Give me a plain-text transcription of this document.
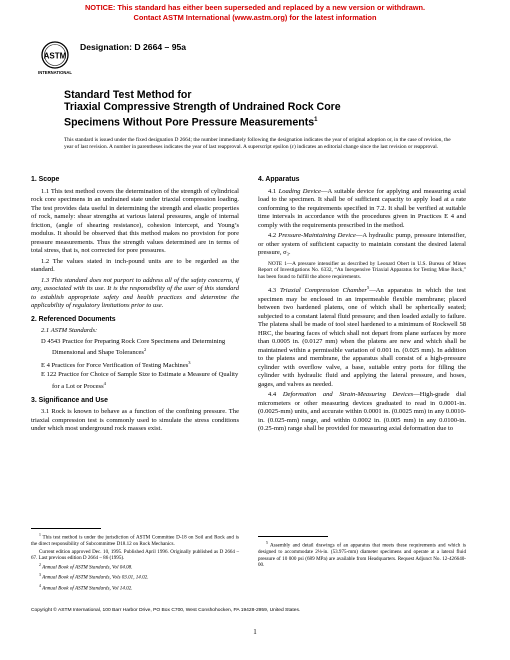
NOTICE: This standard has either been superseded and replaced by a new version or withdrawn.
Contact ASTM International (www.astm.org) for the latest information
ASTM
INTERNATIONAL
Designation: D 2664 – 95a
Standard Test Method for
Triaxial Compressive Strength of Undrained Rock Core
Specimens Without Pore Pressure Measurements$^1$
This standard is issued under the fixed designation D 2664; the number immediately following the designation indicates the year of original adoption or, in the case of revision, the year of last revision. A number in parentheses indicates the year of last reapproval. A superscript epsilon (ε) indicates an editorial change since the last revision or reapproval.
1. Scope
1.1 This test method covers the determination of the strength of cylindrical rock core specimens in an undrained state under triaxial compression loading. The test provides data useful in determining the strength and elastic properties of rock, namely: shear strengths at various lateral pressures, angle of internal friction, (angle of shearing resistance), cohesion intercept, and Young’s modulus. It should be observed that this method makes no provision for pore pressure measurements. Thus the strength values determined are in terms of total stress, that is, not corrected for pore pressures.
1.2 The values stated in inch-pound units are to be regarded as the standard.
1.3 This standard does not purport to address all of the safety concerns, if any, associated with its use. It is the responsibility of the user of this standard to establish appropriate safety and health practices and determine the applicability of regulatory limitations prior to use.
2. Referenced Documents
2.1 ASTM Standards:
D 4543 Practice for Preparing Rock Core Specimens and Determining Dimensional and Shape Tolerances$^2$
E 4 Practices for Force Verification of Testing Machines$^3$
E 122 Practice for Choice of Sample Size to Estimate a Measure of Quality for a Lot or Process$^4$
3. Significance and Use
3.1 Rock is known to behave as a function of the confining pressure. The triaxial compression test is commonly used to simulate the stress conditions under which most underground rock masses exist.
4. Apparatus
4.1 Loading Device—A suitable device for applying and measuring axial load to the specimen. It shall be of sufficient capacity to apply load at a rate conforming to the requirements specified in 7.2. It shall be verified at suitable time intervals in accordance with the procedures given in Practices E 4 and comply with the requirements prescribed in the method.
4.2 Pressure-Maintaining Device—A hydraulic pump, pressure intensifier, or other system of sufficient capacity to maintain constant the desired lateral pressure, σ₃.
NOTE 1—A pressure intensifier as described by Leonard Obert in U.S. Bureau of Mines Report of Investigations No. 6332, “An Inexpensive Triaxial Apparatus for Testing Mine Rock,” has been found to fulfill the above requirements.
4.3 Triaxial Compression Chamber$^5$—An apparatus in which the test specimen may be enclosed in an impermeable flexible membrane; placed between two hardened platens, one of which shall be spherically seated; subjected to a constant lateral fluid pressure; and then loaded axially to failure. The platens shall be made of tool steel hardened to a minimum of Rockwell 58 HRC, the bearing faces of which shall not depart from plane surfaces by more than 0.0005 in. (0.0127 mm) when the platens are new and which shall be maintained within a permissible variation of 0.001 in. (0.025 mm). In addition to the platens and membrane, the apparatus shall consist of a high-pressure cylinder with overflow valve, a base, suitable entry ports for filling the cylinder with hydraulic fluid and applying the lateral pressure, and hoses, gages, and valves as needed.
4.4 Deformation and Strain-Measuring Devices—High-grade dial micrometers or other measuring devices graduated to read in 0.0001-in. (0.0025-mm) units, and accurate within 0.0001 in. (0.0025 mm) in any 0.0010-in. (0.025-mm) range, and within 0.0002 in. (0.005 mm) in any 0.0100-in. (0.25-mm) range shall be provided for measuring axial deformation due to
$^1$ This test method is under the jurisdiction of ASTM Committee D-18 on Soil and Rock and is the direct responsibility of Subcommittee D18.12 on Rock Mechanics.
Current edition approved Dec. 10, 1995. Published April 1996. Originally published as D 2664 – 67. Last previous edition D 2664 – 86 (1995).
$^2$ Annual Book of ASTM Standards, Vol 04.08.
$^3$ Annual Book of ASTM Standards, Vols 03.01, 14.02.
$^4$ Annual Book of ASTM Standards, Vol 14.02.
$^5$ Assembly and detail drawings of an apparatus that meets these requirements and which is designed to accommodate 2⅛-in. (53.975-mm) diameter specimens and operate at a lateral fluid pressure of 10 000 psi (689 MPa) are available from Headquarters. Request Adjunct No. 12-426640-00.
Copyright © ASTM International, 100 Barr Harbor Drive, PO Box C700, West Conshohocken, PA 19428-2959, United States.
1
